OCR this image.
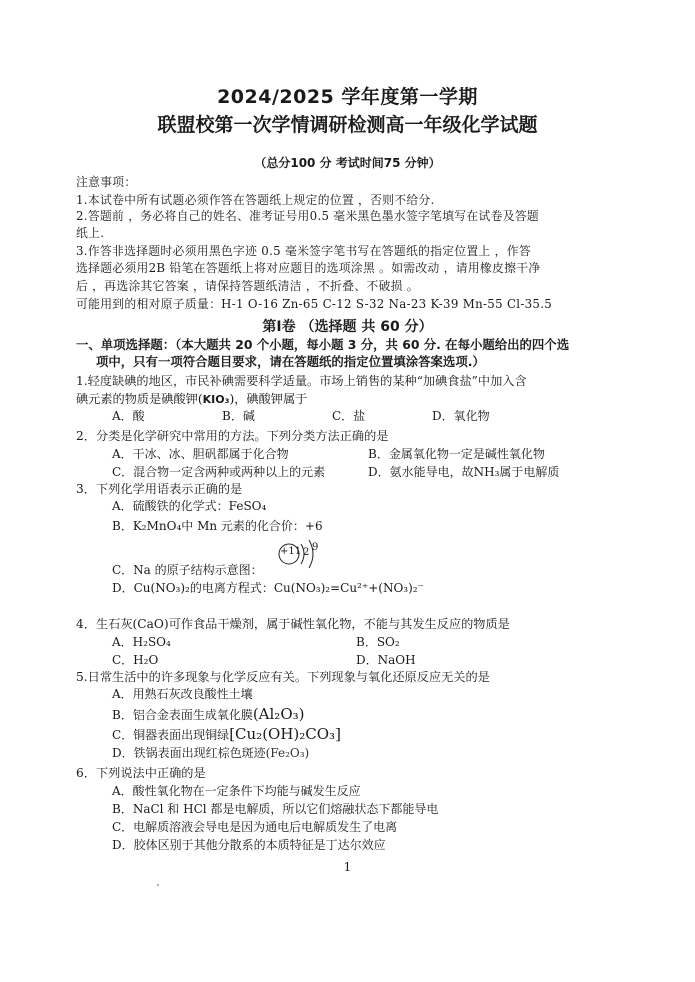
2024/2025 学年度第一学期
联盟校第一次学情调研检测高一年级化学试题
（总分100 分 考试时间75 分钟）
注意事项：
1.本试卷中所有试题必须作答在答题纸上规定的位置 ，否则不给分.
2.答题前 ，务必将自己的姓名、准考证号用0.5 毫米黑色墨水签字笔填写在试卷及答题
纸上.
3.作答非选择题时必须用黑色字迹 0.5 毫米签字笔书写在答题纸的指定位置上 ，作答
选择题必须用2B 铅笔在答题纸上将对应题目的选项涂黑 。如需改动 ，请用橡皮擦干净
后 ，再选涂其它答案 ，请保持答题纸清洁 ，不折叠、不破损 。
可能用到的相对原子质量：H-1 O-16 Zn-65 C-12 S-32 Na-23 K-39 Mn-55 Cl-35.5
第Ⅰ卷 （选择题 共 60 分）
一、单项选择题：（本大题共 20 个小题，每小题 3 分，共 60 分. 在每小题给出的四个选
项中，只有一项符合题目要求，请在答题纸的指定位置填涂答案选项.）
1.轻度缺碘的地区，市民补碘需要科学适量。市场上销售的某种“加碘食盐”中加入含
碘元素的物质是碘酸钾(KIO₃)，碘酸钾属于
A．酸	B．碱	C．盐	D．氧化物
2．分类是化学研究中常用的方法。下列分类方法正确的是
A．干冰、冰、胆矾都属于化合物	B．金属氧化物一定是碱性氧化物
C．混合物一定含两种或两种以上的元素	D．氨水能导电，故NH₃属于电解质
3．下列化学用语表示正确的是
A．硫酸铁的化学式：FeSO₄
B．K₂MnO₄中 Mn 元素的化合价：+6
+11 2 9
C．Na 的原子结构示意图：
D．Cu(NO₃)₂的电离方程式：Cu(NO₃)₂=Cu²⁺+(NO₃)₂⁻
4．生石灰(CaO)可作食品干燥剂，属于碱性氧化物，不能与其发生反应的物质是
A．H₂SO₄	B．SO₂
C．H₂O	D．NaOH
5.日常生活中的许多现象与化学反应有关。下列现象与氧化还原反应无关的是
A．用熟石灰改良酸性土壤
B．铝合金表面生成氧化膜(Al₂O₃)
C．铜器表面出现铜绿[Cu₂(OH)₂CO₃]
D．铁锅表面出现红棕色斑迹(Fe₂O₃)
6．下列说法中正确的是
A．酸性氧化物在一定条件下均能与碱发生反应
B．NaCl 和 HCl 都是电解质，所以它们熔融状态下都能导电
C．电解质溶液会导电是因为通电后电解质发生了电离
D．胶体区别于其他分散系的本质特征是丁达尔效应
1
